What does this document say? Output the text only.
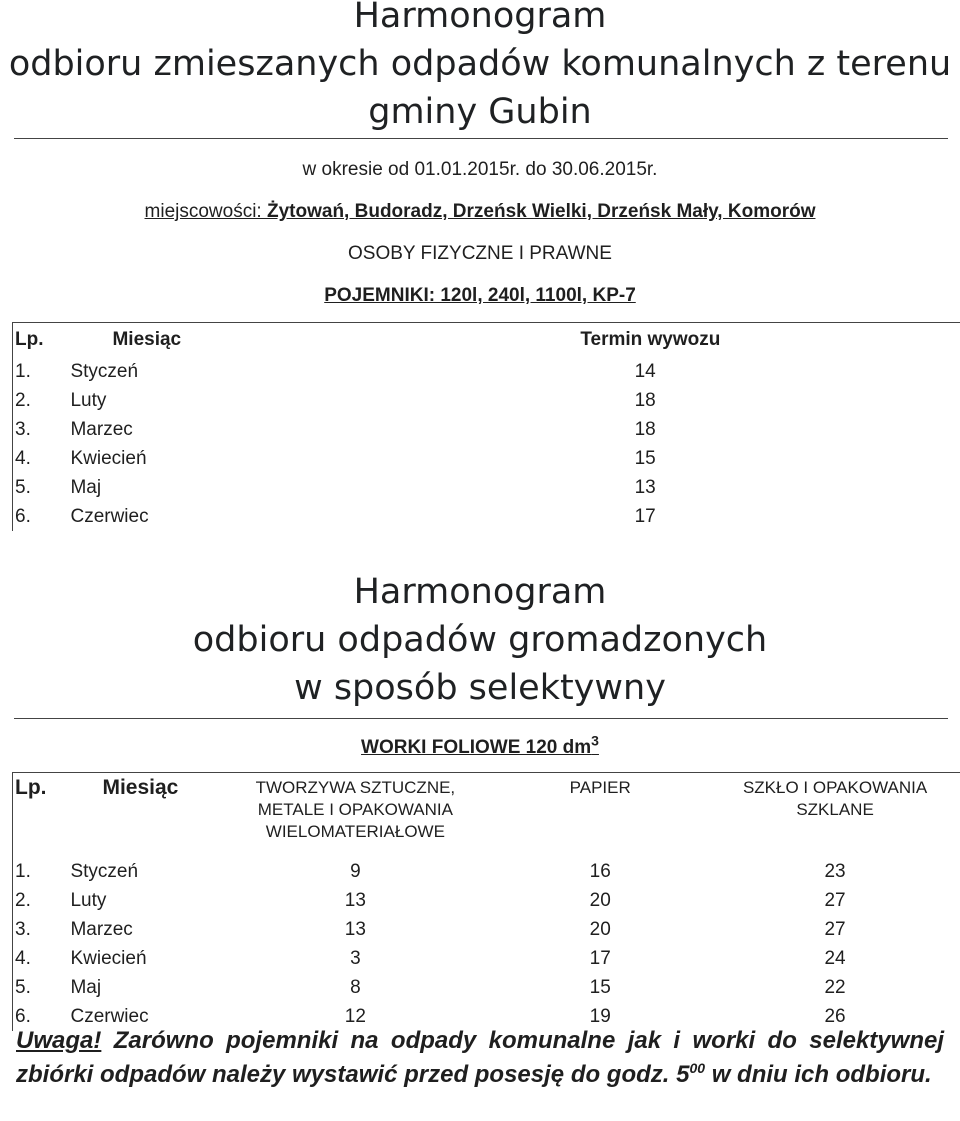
Harmonogram
odbioru zmieszanych odpadów komunalnych z terenu
gminy Gubin
w okresie od 01.01.2015r. do 30.06.2015r.
miejscowości: Żytowań, Budoradz, Drzeńsk Wielki, Drzeńsk Mały, Komorów
OSOBY FIZYCZNE I PRAWNE
POJEMNIKI: 120l, 240l, 1100l, KP-7
Lp.	Miesiąc	Termin wywozu
1.	Styczeń	14
2.	Luty	18
3.	Marzec	18
4.	Kwiecień	15
5.	Maj	13
6.	Czerwiec	17
Harmonogram
odbioru odpadów gromadzonych
w sposób selektywny
WORKI FOLIOWE 120 $dm^3$
Lp.	Miesiąc	TWORZYWA SZTUCZNE, METALE I OPAKOWANIA WIELOMATERIAŁOWE	PAPIER	SZKŁO I OPAKOWANIA SZKLANE
1.	Styczeń	9	16	23
2.	Luty	13	20	27
3.	Marzec	13	20	27
4.	Kwiecień	3	17	24
5.	Maj	8	15	22
6.	Czerwiec	12	19	26
Uwaga! Zarówno pojemniki na odpady komunalne jak i worki do selektywnej zbiórki odpadów należy wystawić przed posesję do godz. $5^{00}$ w dniu ich odbioru.
